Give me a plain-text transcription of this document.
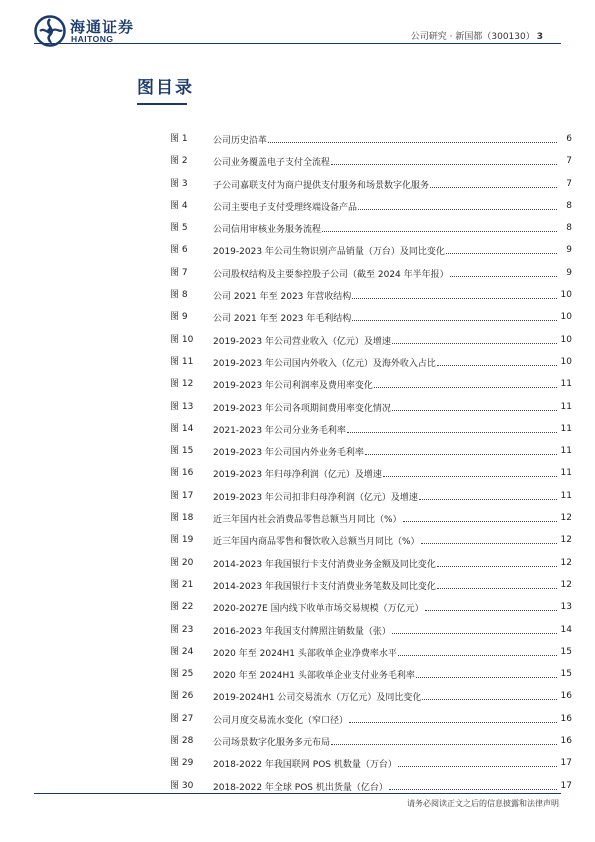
海通证券
HAITONG	公司研究 · 新国都（300130） 3
图目录
图 1	公司历史沿革	6
图 2	公司业务覆盖电子支付全流程	7
图 3	子公司嘉联支付为商户提供支付服务和场景数字化服务	7
图 4	公司主要电子支付受理终端设备产品	8
图 5	公司信用审核业务服务流程	8
图 6	2019-2023 年公司生物识别产品销量（万台）及同比变化	9
图 7	公司股权结构及主要参控股子公司（截至 2024 年半年报）	9
图 8	公司 2021 年至 2023 年营收结构	10
图 9	公司 2021 年至 2023 年毛利结构	10
图 10	2019-2023 年公司营业收入（亿元）及增速	10
图 11	2019-2023 年公司国内外收入（亿元）及海外收入占比	10
图 12	2019-2023 年公司利润率及费用率变化	11
图 13	2019-2023 年公司各项期间费用率变化情况	11
图 14	2021-2023 年公司分业务毛利率	11
图 15	2019-2023 年公司国内外业务毛利率	11
图 16	2019-2023 年归母净利润（亿元）及增速	11
图 17	2019-2023 年公司扣非归母净利润（亿元）及增速	11
图 18	近三年国内社会消费品零售总额当月同比（%）	12
图 19	近三年国内商品零售和餐饮收入总额当月同比（%）	12
图 20	2014-2023 年我国银行卡支付消费业务金额及同比变化	12
图 21	2014-2023 年我国银行卡支付消费业务笔数及同比变化	12
图 22	2020-2027E 国内线下收单市场交易规模（万亿元）	13
图 23	2016-2023 年我国支付牌照注销数量（张）	14
图 24	2020 年至 2024H1 头部收单企业净费率水平	15
图 25	2020 年至 2024H1 头部收单企业支付业务毛利率	15
图 26	2019-2024H1 公司交易流水（万亿元）及同比变化	16
图 27	公司月度交易流水变化（窄口径）	16
图 28	公司场景数字化服务多元布局	16
图 29	2018-2022 年我国联网 POS 机数量（万台）	17
图 30	2018-2022 年全球 POS 机出货量（亿台）	17
请务必阅读正文之后的信息披露和法律声明
